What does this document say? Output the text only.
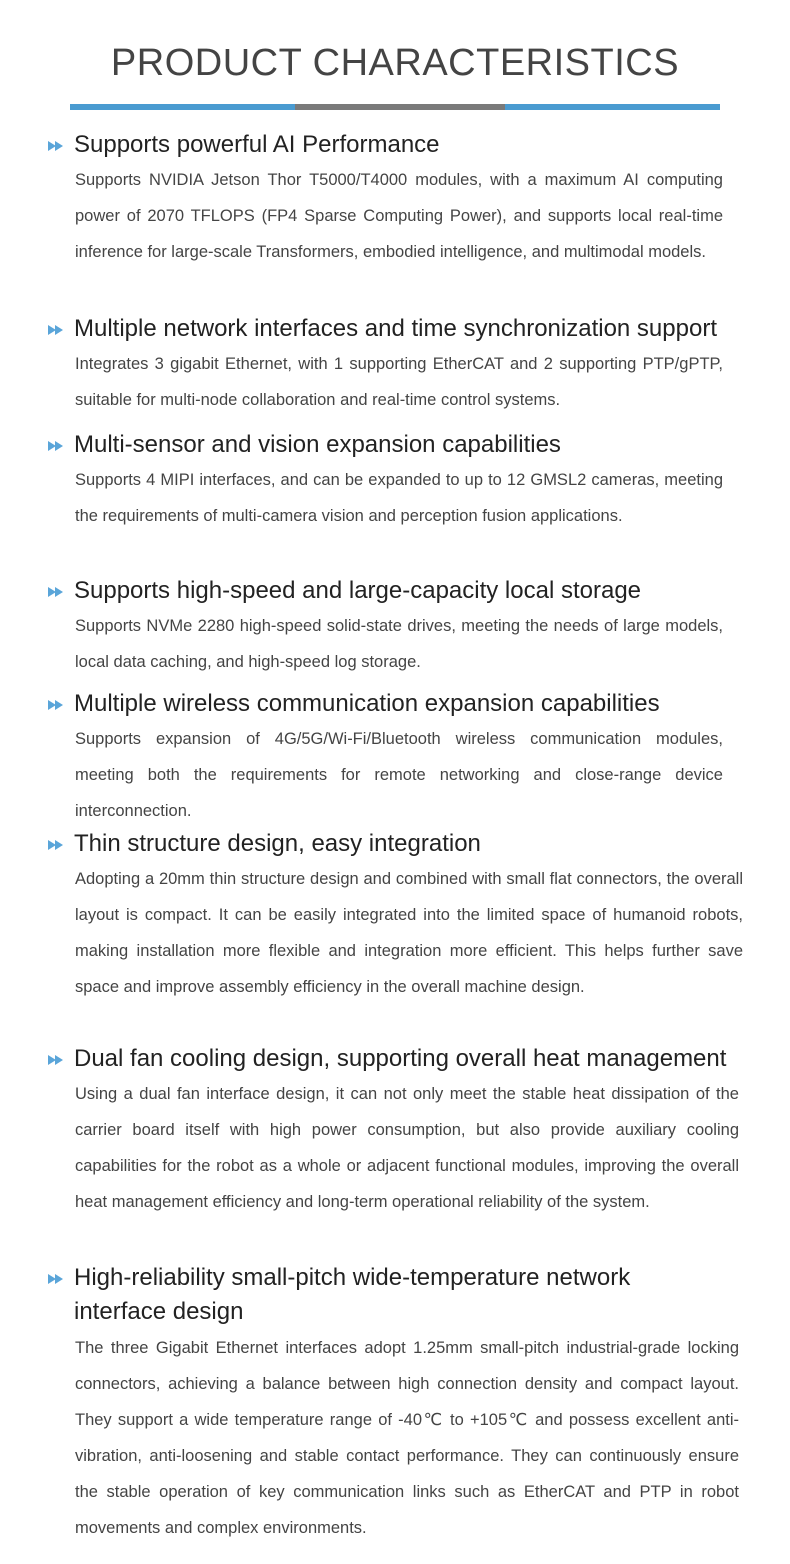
PRODUCT CHARACTERISTICS
Supports powerful AI Performance
Supports NVIDIA Jetson Thor T5000/T4000 modules, with a maximum AI computing power of 2070 TFLOPS (FP4 Sparse Computing Power), and supports local real-time inference for large-scale Transformers, embodied intelligence, and multimodal models.
Multiple network interfaces and time synchronization support
Integrates 3 gigabit Ethernet, with 1 supporting EtherCAT and 2 supporting PTP/gPTP, suitable for multi-node collaboration and real-time control systems.
Multi-sensor and vision expansion capabilities
Supports 4 MIPI interfaces, and can be expanded to up to 12 GMSL2 cameras, meeting the requirements of multi-camera vision and perception fusion applications.
Supports high-speed and large-capacity local storage
Supports NVMe 2280 high-speed solid-state drives, meeting the needs of large models, local data caching, and high-speed log storage.
Multiple wireless communication expansion capabilities
Supports expansion of 4G/5G/Wi-Fi/Bluetooth wireless communication modules, meeting both the requirements for remote networking and close-range device interconnection.
Thin structure design, easy integration
Adopting a 20mm thin structure design and combined with small flat connectors, the overall layout is compact. It can be easily integrated into the limited space of humanoid robots, making installation more flexible and integration more efficient. This helps further save space and improve assembly efficiency in the overall machine design.
Dual fan cooling design, supporting overall heat management
Using a dual fan interface design, it can not only meet the stable heat dissipation of the carrier board itself with high power consumption, but also provide auxiliary cooling capabilities for the robot as a whole or adjacent functional modules, improving the overall heat management efficiency and long-term operational reliability of the system.
High-reliability small-pitch wide-temperature network interface design
The three Gigabit Ethernet interfaces adopt 1.25mm small-pitch industrial-grade locking connectors, achieving a balance between high connection density and compact layout. They support a wide temperature range of -40℃ to +105℃ and possess excellent anti-vibration, anti-loosening and stable contact performance. They can continuously ensure the stable operation of key communication links such as EtherCAT and PTP in robot movements and complex environments.
